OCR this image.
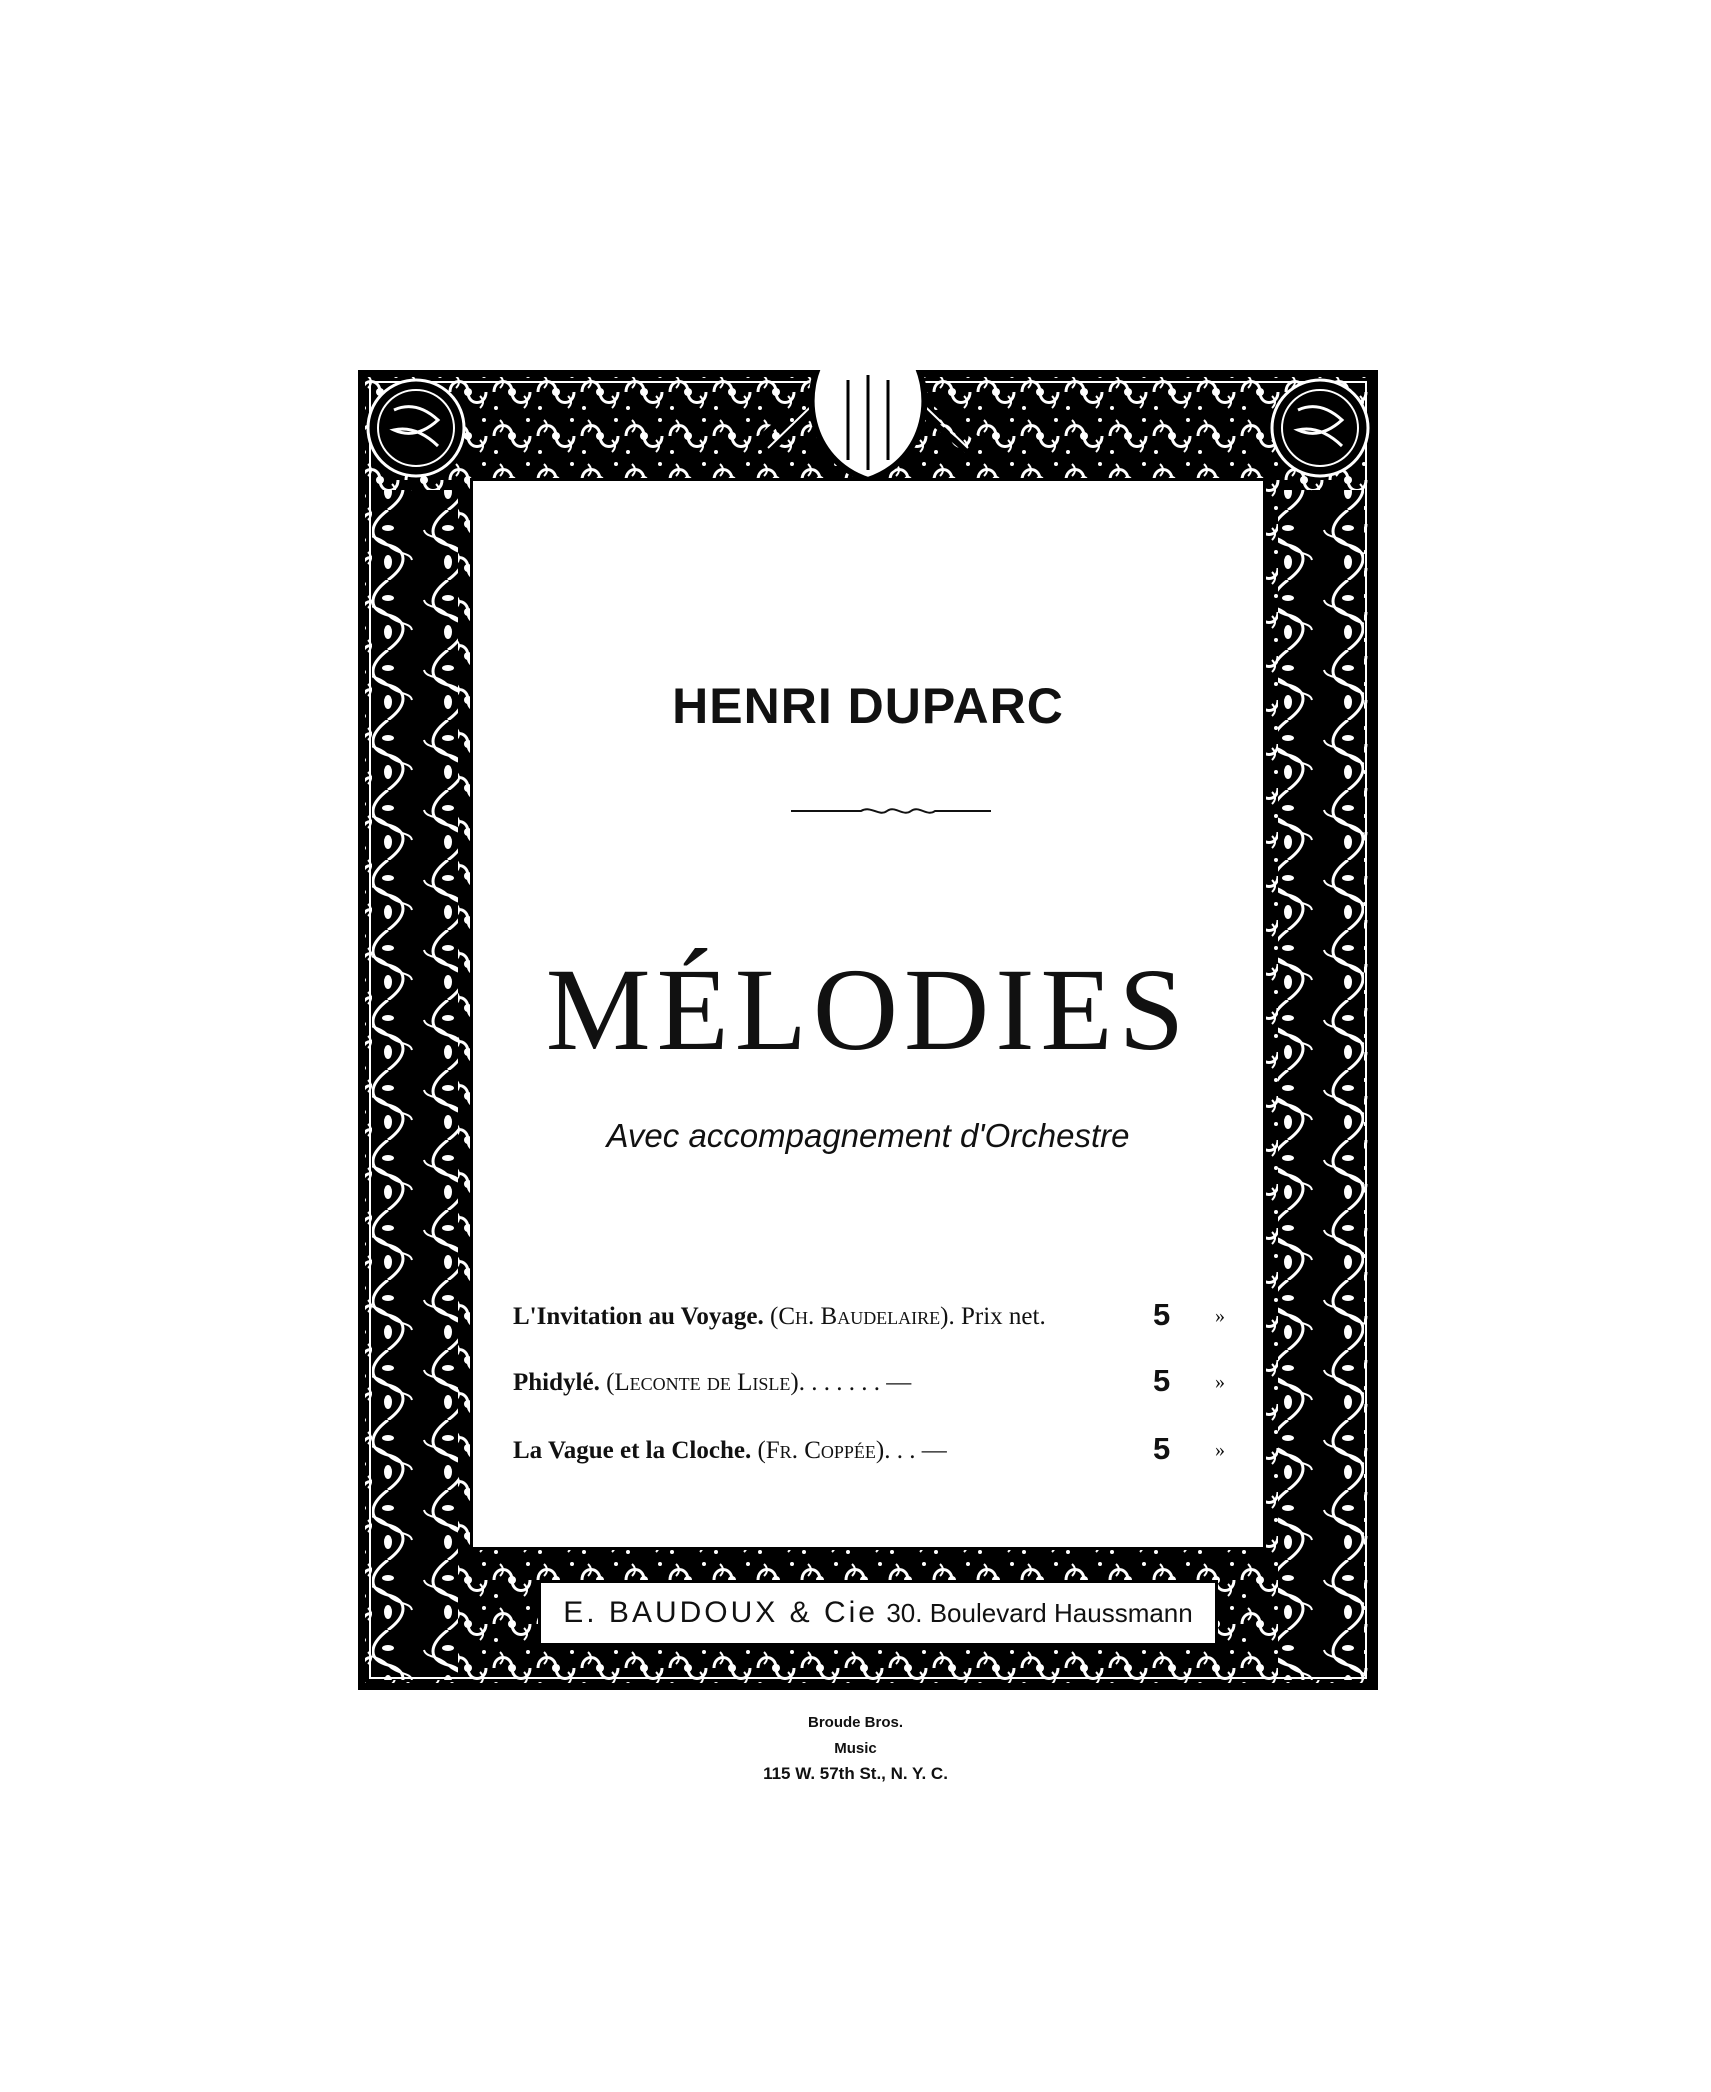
HENRI DUPARC
MÉLODIES
Avec accompagnement d'Orchestre
L'Invitation au Voyage. (Ch. Baudelaire). Prix net.	5 »
Phidylé. (Leconte de Lisle). . . . . . . —	5 »
La Vague et la Cloche. (Fr. Coppée). . . —	5 »
E. BAUDOUX & Cie 30. Boulevard Haussmann
Broude Bros.
Music
115 W. 57th St., N. Y. C.
